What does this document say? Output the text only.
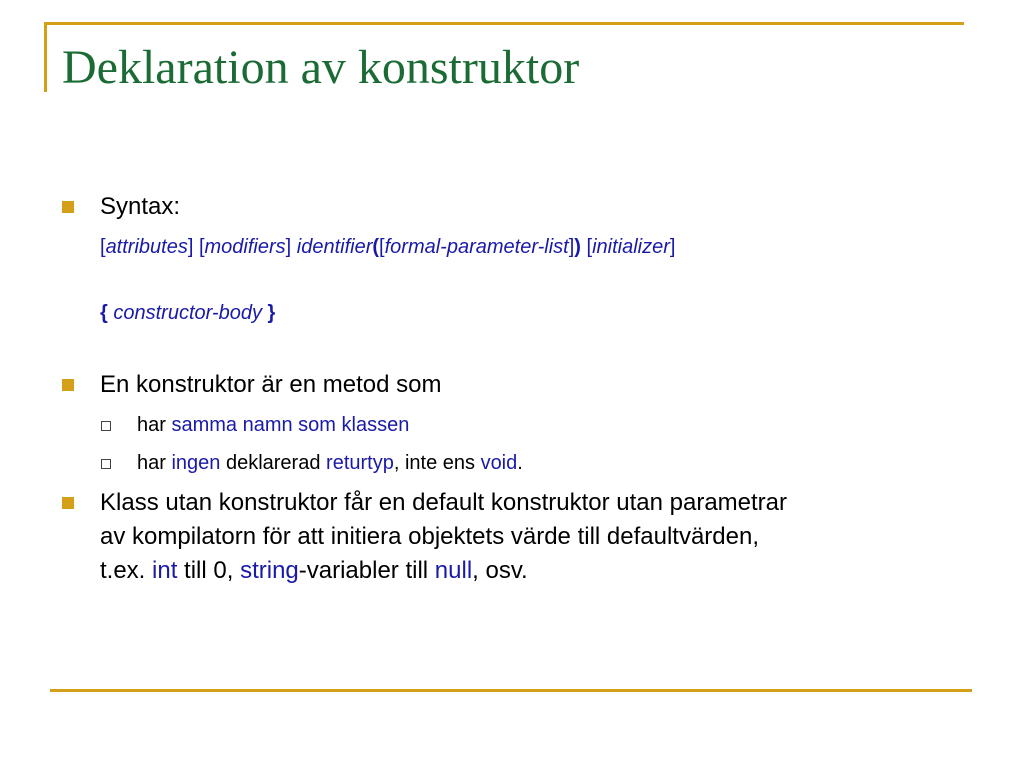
Deklaration av konstruktor

Syntax:

[attributes] [modifiers] identifier([formal-parameter-list]) [initializer]
{ constructor-body }

En konstruktor är en metod som

har samma namn som klassen

har ingen deklarerad returtyp, inte ens void.

Klass utan konstruktor får en default konstruktor utan parametrar
av kompilatorn för att initiera objektets värde till defaultvärden,
t.ex. int till 0, string-variabler till null, osv.
